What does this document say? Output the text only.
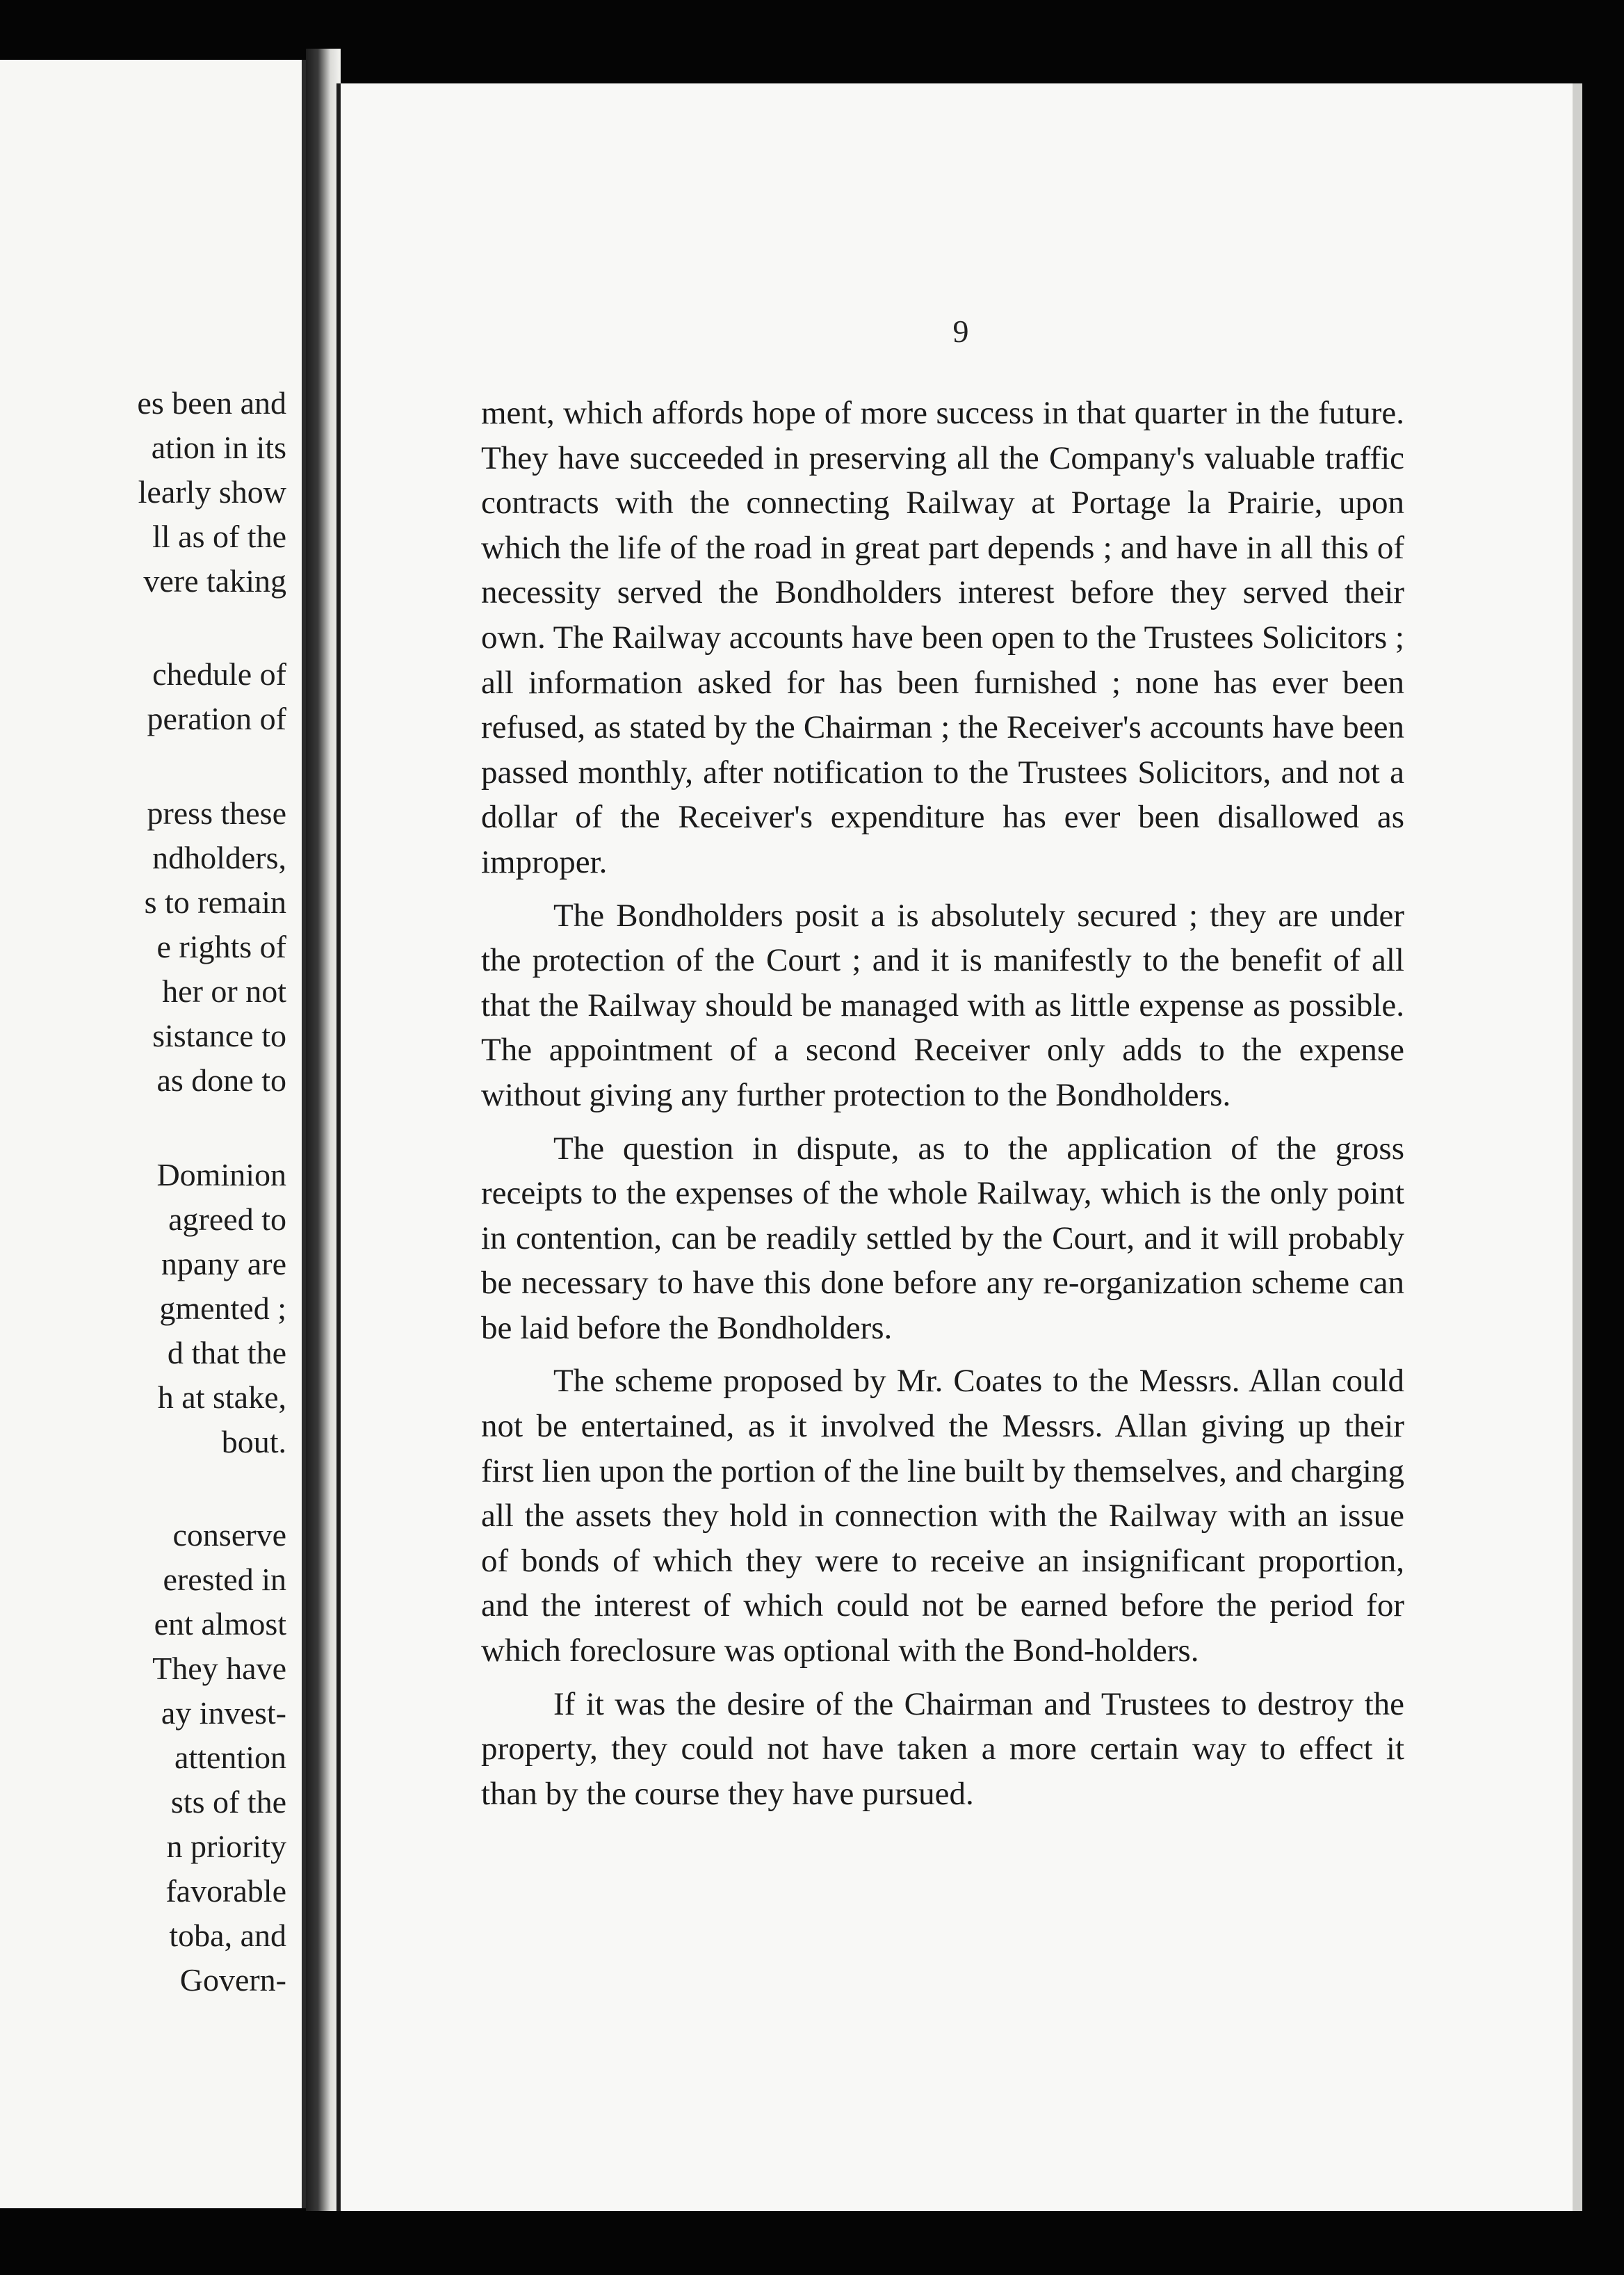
es been and
ation in its
learly show
ll as of the
vere taking
chedule of
peration of
press these
ndholders,
s to remain
e rights of
her or not
sistance to
as done to
Dominion
agreed to
npany are
gmented ;
d that the
h at stake,
bout.
conserve
erested in
ent almost
They have
ay invest-
attention
sts of the
n priority
favorable
toba, and
Govern-
9

ment, which affords hope of more success in that quarter in the future. They have succeeded in preserving all the Company's valuable traffic contracts with the connecting Railway at Portage la Prairie, upon which the life of the road in great part depends ; and have in all this of necessity served the Bondholders interest before they served their own. The Railway accounts have been open to the Trustees Solicitors ; all information asked for has been furnished ; none has ever been refused, as stated by the Chairman ; the Receiver's accounts have been passed monthly, after notification to the Trustees Solicitors, and not a dollar of the Receiver's expenditure has ever been disallowed as improper.

The Bondholders posit a is absolutely secured ; they are under the protection of the Court ; and it is manifestly to the benefit of all that the Railway should be managed with as little expense as possible. The appointment of a second Receiver only adds to the expense without giving any further protection to the Bondholders.

The question in dispute, as to the application of the gross receipts to the expenses of the whole Railway, which is the only point in contention, can be readily settled by the Court, and it will probably be necessary to have this done before any re-organization scheme can be laid before the Bondholders.

The scheme proposed by Mr. Coates to the Messrs. Allan could not be entertained, as it involved the Messrs. Allan giving up their first lien upon the portion of the line built by themselves, and charging all the assets they hold in connection with the Railway with an issue of bonds of which they were to receive an insignificant proportion, and the interest of which could not be earned before the period for which foreclosure was optional with the Bond-holders.

If it was the desire of the Chairman and Trustees to destroy the property, they could not have taken a more certain way to effect it than by the course they have pursued.
